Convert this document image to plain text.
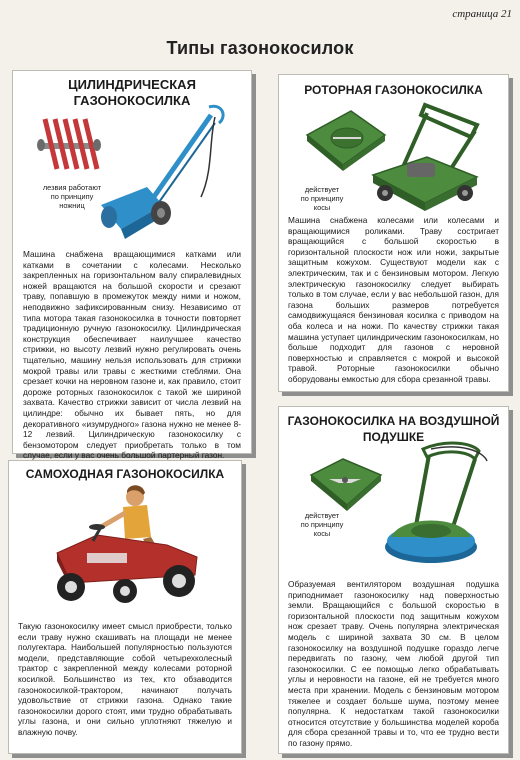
страница 21
Типы газонокосилок
ЦИЛИНДРИЧЕСКАЯ
ГАЗОНОКОСИЛКА
лезвия работают
по принципу
ножниц
Машина снабжена вращающимися катками или катками в сочетании с колесами. Несколько закрепленных на горизонтальном валу спиралевидных ножей вращаются на большой скорости и срезают траву, попавшую в промежуток между ними и ножом, неподвижно зафиксированным снизу. Независимо от типа мотора такая газонокосилка в точности повторяет традиционную ручную газонокосилку. Цилиндрическая конструкция обеспечивает наилучшее качество стрижки, но высоту лезвий нужно регулировать очень тщательно, машину нельзя использовать для стрижки мокрой травы или травы с жесткими стеблями. Она срезает кочки на неровном газоне и, как правило, стоит дороже роторных газонокосилок с такой же шириной захвата. Качество стрижки зависит от числа лезвий на цилиндре: обычно их бывает пять, но для декоративного «изумрудного» газона нужно не менее 8-12 лезвий. Цилиндрическую газонокосилку с бензомотором следует приобретать только в том случае, если у вас очень большой партерный газон.
РОТОРНАЯ ГАЗОНОКОСИЛКА
действует
по принципу
косы
Машина снабжена колесами или колесами и вращающимися роликами. Траву состригает вращающийся с большой скоростью в горизонтальной плоскости нож или ножи, закрытые защитным кожухом. Существуют модели как с электрическим, так и с бензиновым мотором. Легкую электрическую газонокосилку следует выбирать только в том случае, если у вас небольшой газон, для газона больших размеров потребуется самодвижущаяся бензиновая косилка с приводом на оба колеса и на ножи. По качеству стрижки такая машина уступает цилиндрическим газонокосилкам, но больше подходит для газонов с неровной поверхностью и справляется с мокрой и высокой травой. Роторные газонокосилки обычно оборудованы емкостью для сбора срезанной травы.
САМОХОДНАЯ ГАЗОНОКОСИЛКА
Такую газонокосилку имеет смысл приобрести, только если траву нужно скашивать на площади не менее полугектара. Наибольшей популярностью пользуются модели, представляющие собой четырехколесный трактор с закрепленной между колесами роторной косилкой. Большинство из тех, кто обзаводится газонокосилкой-трактором, начинают получать удовольствие от стрижки газона. Однако такие газонокосилки дорого стоят, ими трудно обрабатывать углы газона, и они сильно уплотняют тяжелую и влажную почву.
ГАЗОНОКОСИЛКА НА ВОЗДУШНОЙ
ПОДУШКЕ
действует
по принципу
косы
Образуемая вентилятором воздушная подушка приподнимает газонокосилку над поверхностью земли. Вращающийся с большой скоростью в горизонтальной плоскости под защитным кожухом нож срезает траву. Очень популярна электрическая модель с шириной захвата 30 см. В целом газонокосилку на воздушной подушке гораздо легче передвигать по газону, чем любой другой тип газонокосилки. С ее помощью легко обрабатывать углы и неровности на газоне, ей не требуется много места при хранении. Модель с бензиновым мотором тяжелее и создает больше шума, поэтому менее популярна. К недостаткам такой газонокосилки относится отсутствие у большинства моделей короба для сбора срезанной травы и то, что ее трудно вести по газону прямо.
